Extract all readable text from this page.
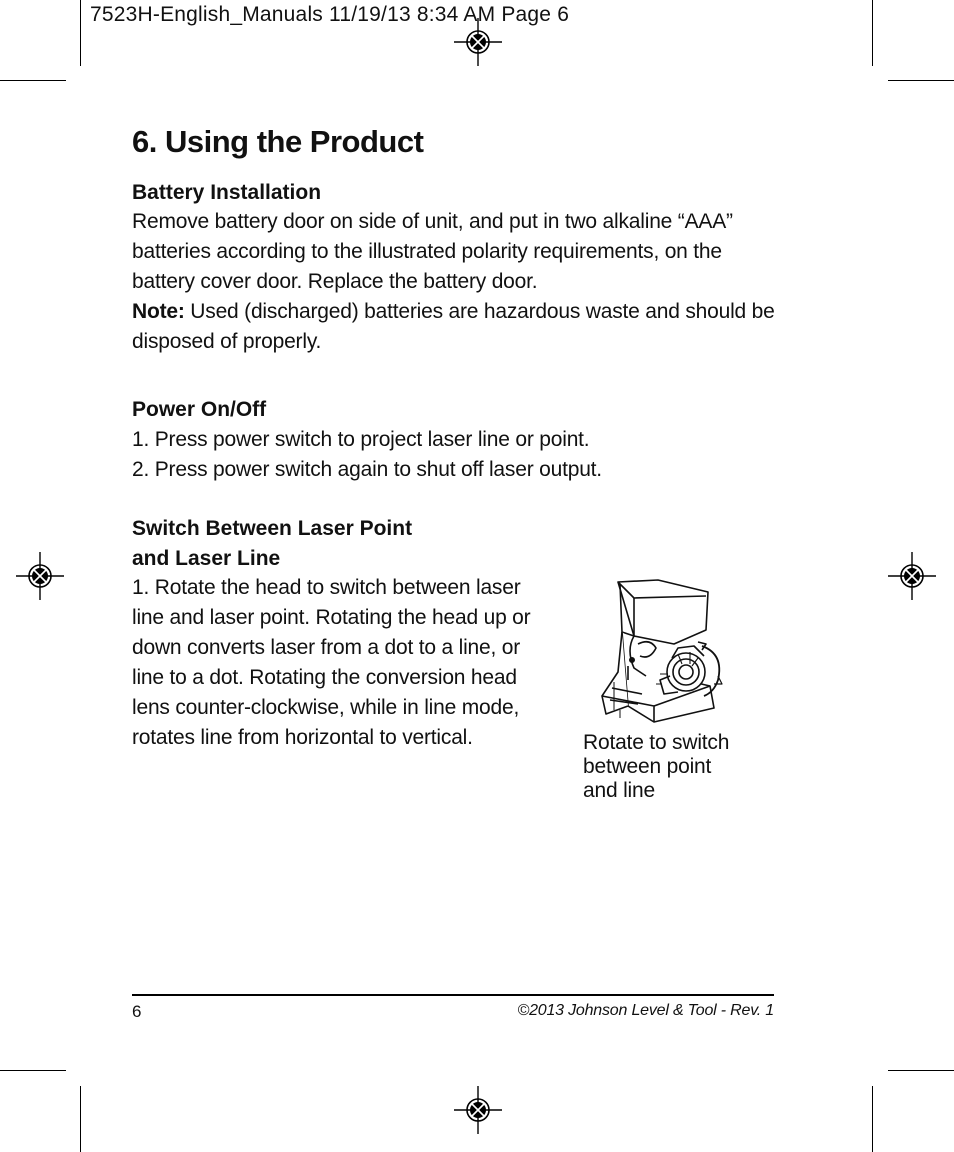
7523H-English_Manuals 11/19/13 8:34 AM Page 6
6. Using the Product
Battery Installation
Remove battery door on side of unit, and put in two alkaline “AAA”
batteries according to the illustrated polarity requirements, on the
battery cover door. Replace the battery door.
Note: Used (discharged) batteries are hazardous waste and should be
disposed of properly.
Power On/Off
1. Press power switch to project laser line or point.
2. Press power switch again to shut off laser output.
Switch Between Laser Point
and Laser Line
1. Rotate the head to switch between laser
line and laser point. Rotating the head up or
down converts laser from a dot to a line, or
line to a dot. Rotating the conversion head
lens counter-clockwise, while in line mode,
rotates line from horizontal to vertical.	Rotate to switch
between point
and line
6	©2013 Johnson Level & Tool - Rev. 1
